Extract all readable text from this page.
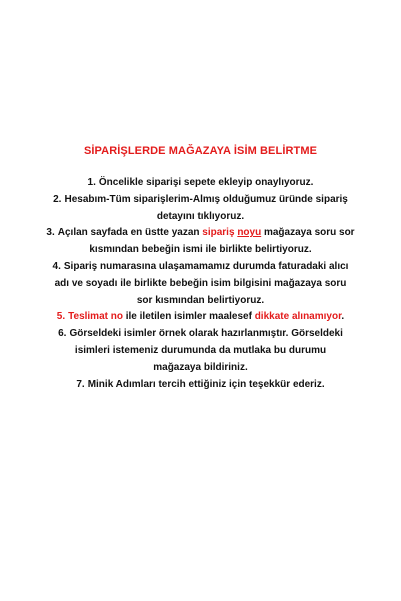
SİPARİŞLERDE MAĞAZAYA İSİM BELİRTME
1. Öncelikle siparişi sepete ekleyip onaylıyoruz.
2. Hesabım-Tüm siparişlerim-Almış olduğumuz üründe sipariş
detayını tıklıyoruz.
3. Açılan sayfada en üstte yazan sipariş noyu mağazaya soru sor
kısmından bebeğin ismi ile birlikte belirtiyoruz.
4. Sipariş numarasına ulaşamamamız durumda faturadaki alıcı
adı ve soyadı ile birlikte bebeğin isim bilgisini mağazaya soru
sor kısmından belirtiyoruz.
5. Teslimat no ile iletilen isimler maalesef dikkate alınamıyor.
6. Görseldeki isimler örnek olarak hazırlanmıştır. Görseldeki
isimleri istemeniz durumunda da mutlaka bu durumu
mağazaya bildiriniz.
7. Minik Adımları tercih ettiğiniz için teşekkür ederiz.
